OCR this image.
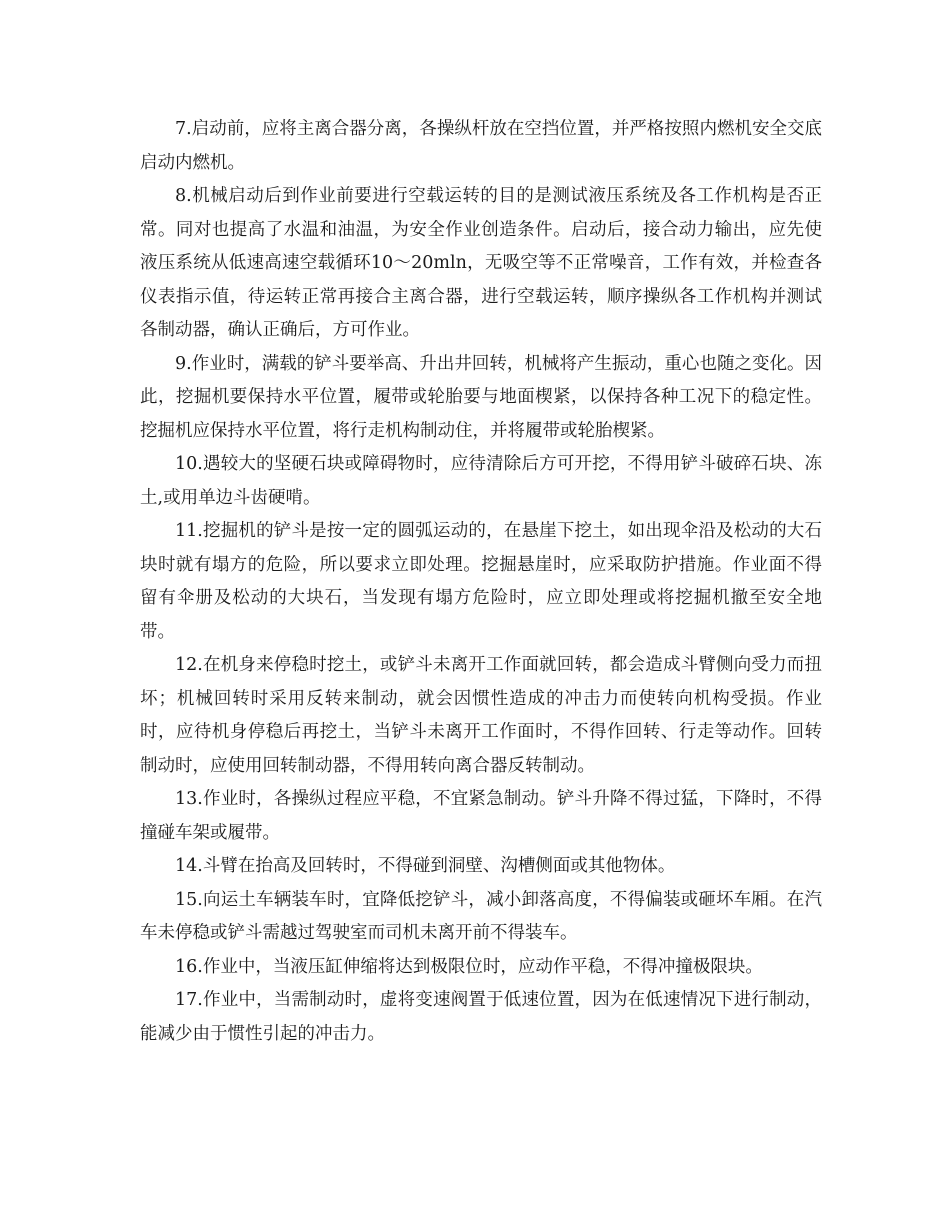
7.启动前，应将主离合器分离，各操纵杆放在空挡位置，并严格按照内燃机安全交底启动内燃机。

8.机械启动后到作业前要进行空载运转的目的是测试液压系统及各工作机构是否正常。同对也提高了水温和油温，为安全作业创造条件。启动后，接合动力输出，应先使液压系统从低速高速空载循环10～20mln，无吸空等不正常噪音，工作有效，并检查各仪表指示值，待运转正常再接合主离合器，进行空载运转，顺序操纵各工作机构并测试各制动器，确认正确后，方可作业。

9.作业时，满载的铲斗要举高、升出井回转，机械将产生振动，重心也随之变化。因此，挖掘机要保持水平位置，履带或轮胎要与地面楔紧，以保持各种工况下的稳定性。挖掘机应保持水平位置，将行走机构制动住，并将履带或轮胎楔紧。

10.遇较大的坚硬石块或障碍物时，应待清除后方可开挖，不得用铲斗破碎石块、冻土,或用单边斗齿硬啃。

11.挖掘机的铲斗是按一定的圆弧运动的，在悬崖下挖土，如出现伞沿及松动的大石块时就有塌方的危险，所以要求立即处理。挖掘悬崖时，应采取防护措施。作业面不得留有伞册及松动的大块石，当发现有塌方危险时，应立即处理或将挖掘机撤至安全地带。

12.在机身来停稳时挖土，或铲斗未离开工作面就回转，都会造成斗臂侧向受力而扭坏；机械回转时采用反转来制动，就会因惯性造成的冲击力而使转向机构受损。作业时，应待机身停稳后再挖土，当铲斗未离开工作面时，不得作回转、行走等动作。回转制动时，应使用回转制动器，不得用转向离合器反转制动。

13.作业时，各操纵过程应平稳，不宜紧急制动。铲斗升降不得过猛，下降时，不得撞碰车架或履带。

14.斗臂在抬高及回转时，不得碰到洞壁、沟槽侧面或其他物体。

15.向运土车辆装车时，宜降低挖铲斗，减小卸落高度，不得偏装或砸坏车厢。在汽车未停稳或铲斗需越过驾驶室而司机未离开前不得装车。

16.作业中，当液压缸伸缩将达到极限位时，应动作平稳，不得冲撞极限块。

17.作业中，当需制动时，虚将变速阀置于低速位置，因为在低速情况下进行制动，能减少由于惯性引起的冲击力。
